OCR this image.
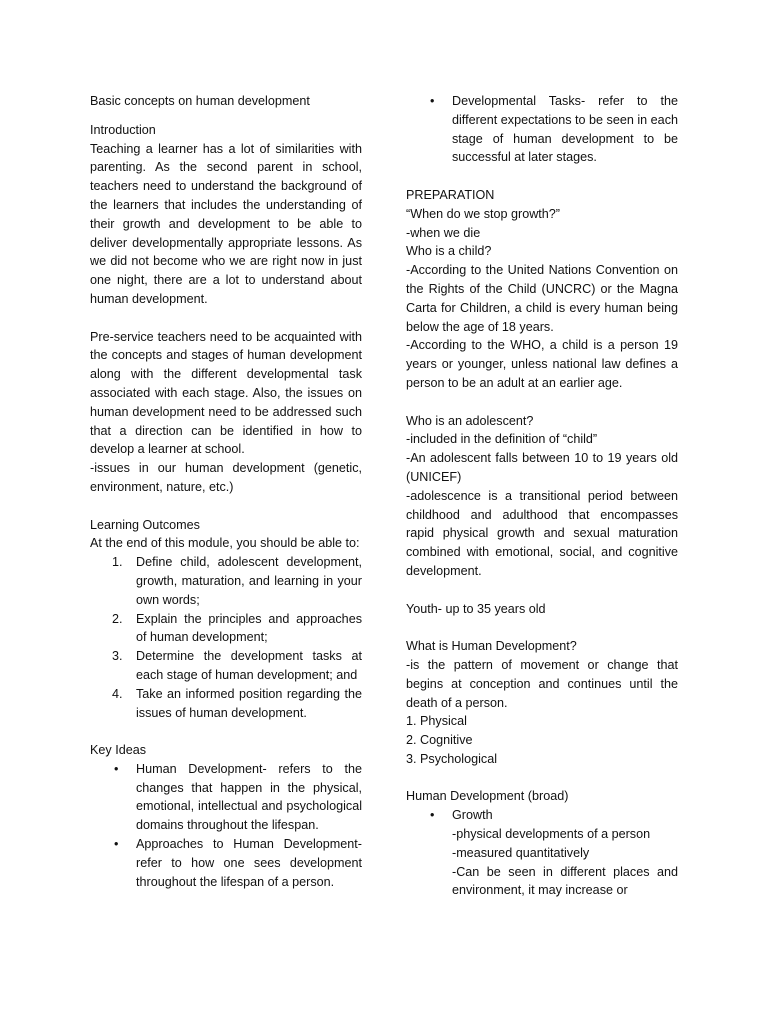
Basic concepts on human development

Introduction

Teaching a learner has a lot of similarities with parenting. As the second parent in school, teachers need to understand the background of the learners that includes the understanding of their growth and development to be able to deliver developmentally appropriate lessons. As we did not become who we are right now in just one night, there are a lot to understand about human development.

Pre-service teachers need to be acquainted with the concepts and stages of human development along with the different developmental task associated with each stage. Also, the issues on human development need to be addressed such that a direction can be identified in how to develop a learner at school.

-issues in our human development (genetic, environment, nature, etc.)

Learning Outcomes

At the end of this module, you should be able to:

1. Define child, adolescent development, growth, maturation, and learning in your own words;
2. Explain the principles and approaches of human development;
3. Determine the development tasks at each stage of human development; and
4. Take an informed position regarding the issues of human development.

Key Ideas

• Human Development- refers to the changes that happen in the physical, emotional, intellectual and psychological domains throughout the lifespan.
• Approaches to Human Development- refer to how one sees development throughout the lifespan of a person.
• Developmental Tasks- refer to the different expectations to be seen in each stage of human development to be successful at later stages.

PREPARATION

“When do we stop growth?”

-when we die

Who is a child?

-According to the United Nations Convention on the Rights of the Child (UNCRC) or the Magna Carta for Children, a child is every human being below the age of 18 years.

-According to the WHO, a child is a person 19 years or younger, unless national law defines a person to be an adult at an earlier age.

Who is an adolescent?

-included in the definition of “child”

-An adolescent falls between 10 to 19 years old (UNICEF)

-adolescence is a transitional period between childhood and adulthood that encompasses rapid physical growth and sexual maturation combined with emotional, social, and cognitive development.

Youth- up to 35 years old

What is Human Development?

-is the pattern of movement or change that begins at conception and continues until the death of a person.

1. Physical

2. Cognitive

3. Psychological

Human Development (broad)

• Growth

-physical developments of a person

-measured quantitatively

-Can be seen in different places and environment, it may increase or
